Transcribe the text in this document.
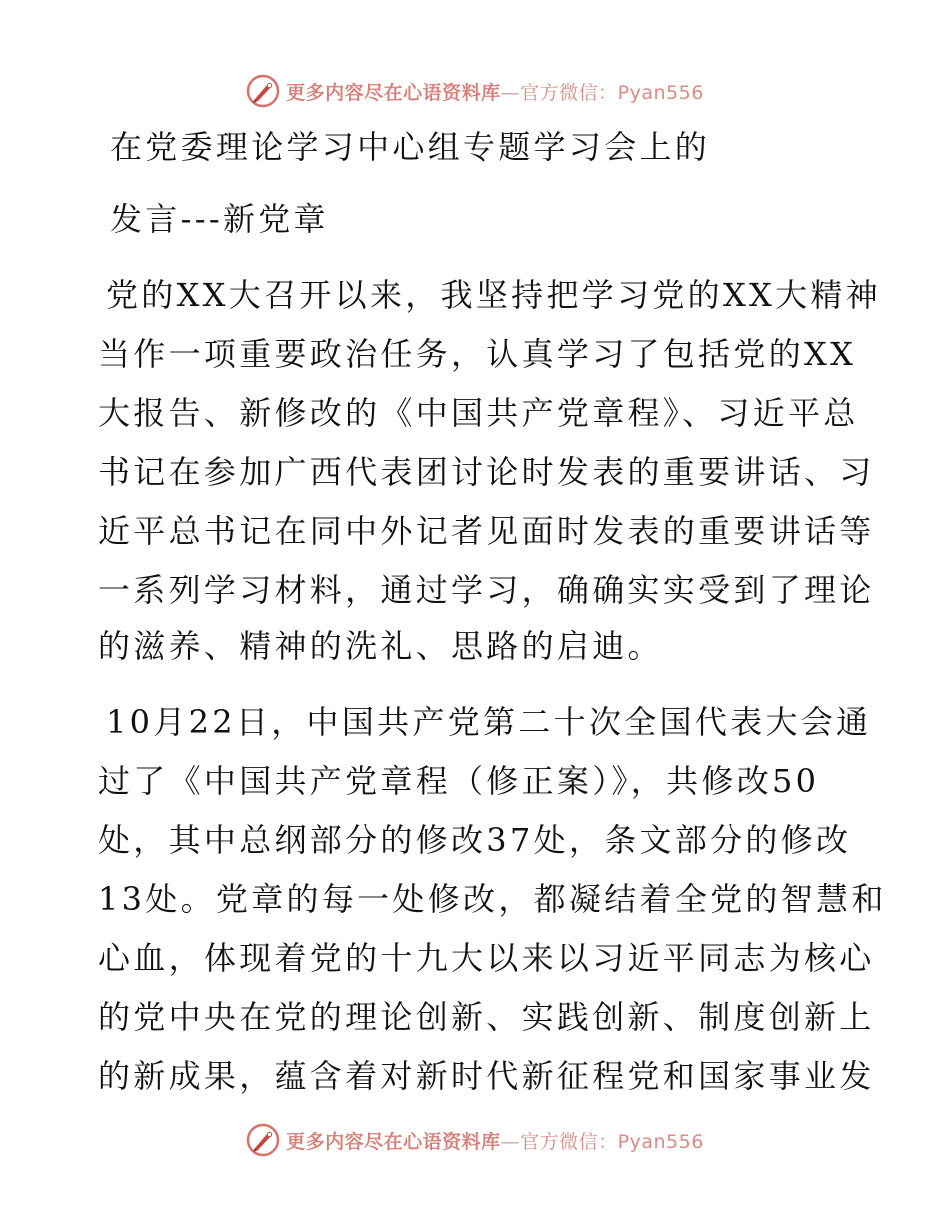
更多内容尽在心语资料库—官方微信：Pyan556
在党委理论学习中心组专题学习会上的
发言---新党章
党的XX大召开以来，我坚持把学习党的XX大精神
当作一项重要政治任务，认真学习了包括党的XX
大报告、新修改的《中国共产党章程》、习近平总
书记在参加广西代表团讨论时发表的重要讲话、习
近平总书记在同中外记者见面时发表的重要讲话等
一系列学习材料，通过学习，确确实实受到了理论
的滋养、精神的洗礼、思路的启迪。
10月22日，中国共产党第二十次全国代表大会通
过了《中国共产党章程（修正案）》，共修改50
处，其中总纲部分的修改37处，条文部分的修改
13处。党章的每一处修改，都凝结着全党的智慧和
心血，体现着党的十九大以来以习近平同志为核心
的党中央在党的理论创新、实践创新、制度创新上
的新成果，蕴含着对新时代新征程党和国家事业发
更多内容尽在心语资料库—官方微信：Pyan556
